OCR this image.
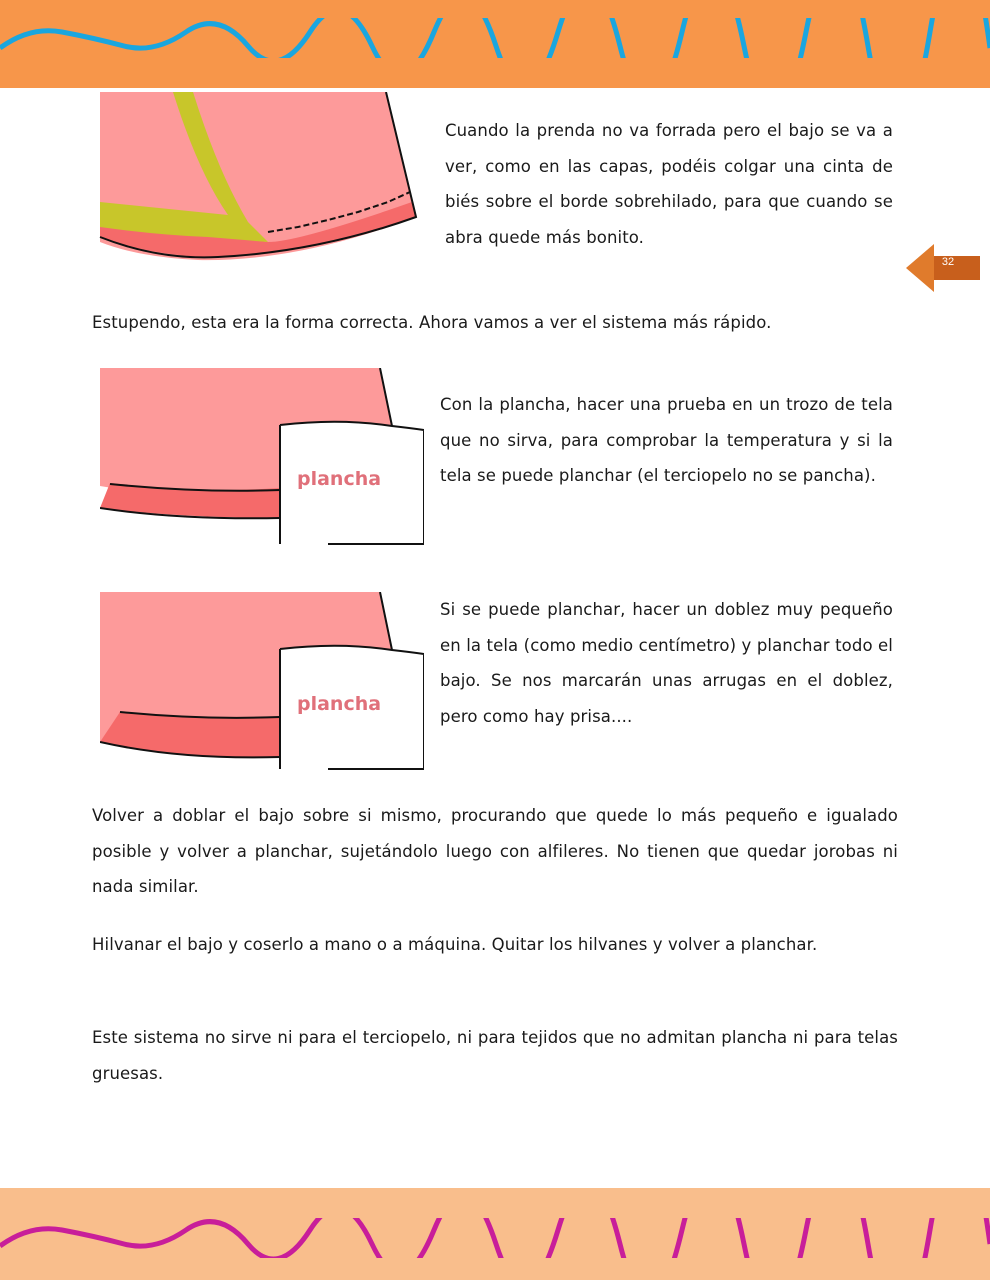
Cuando la prenda no va forrada pero el bajo se va a ver, como en las capas, podéis colgar una cinta de biés sobre el borde sobrehilado, para que cuando se abra quede más bonito.
32
Estupendo, esta era la forma correcta. Ahora vamos a ver el sistema más rápido.
plancha
Con la plancha, hacer una prueba en un trozo de tela que no sirva, para comprobar la temperatura y si la tela se puede planchar (el terciopelo no se pancha).
plancha
Si se puede planchar, hacer un doblez muy pequeño en la tela (como medio centímetro) y planchar todo el bajo. Se nos marcarán unas arrugas en el doblez, pero como hay prisa....
Volver a doblar el bajo sobre si mismo, procurando que quede lo más pequeño e igualado posible y volver a planchar, sujetándolo luego con alfileres. No tienen que quedar jorobas ni nada similar.
Hilvanar el bajo y coserlo a mano o a máquina. Quitar los hilvanes y volver a planchar.
Este sistema no sirve ni para el terciopelo, ni para tejidos que no admitan plancha ni para telas gruesas.
